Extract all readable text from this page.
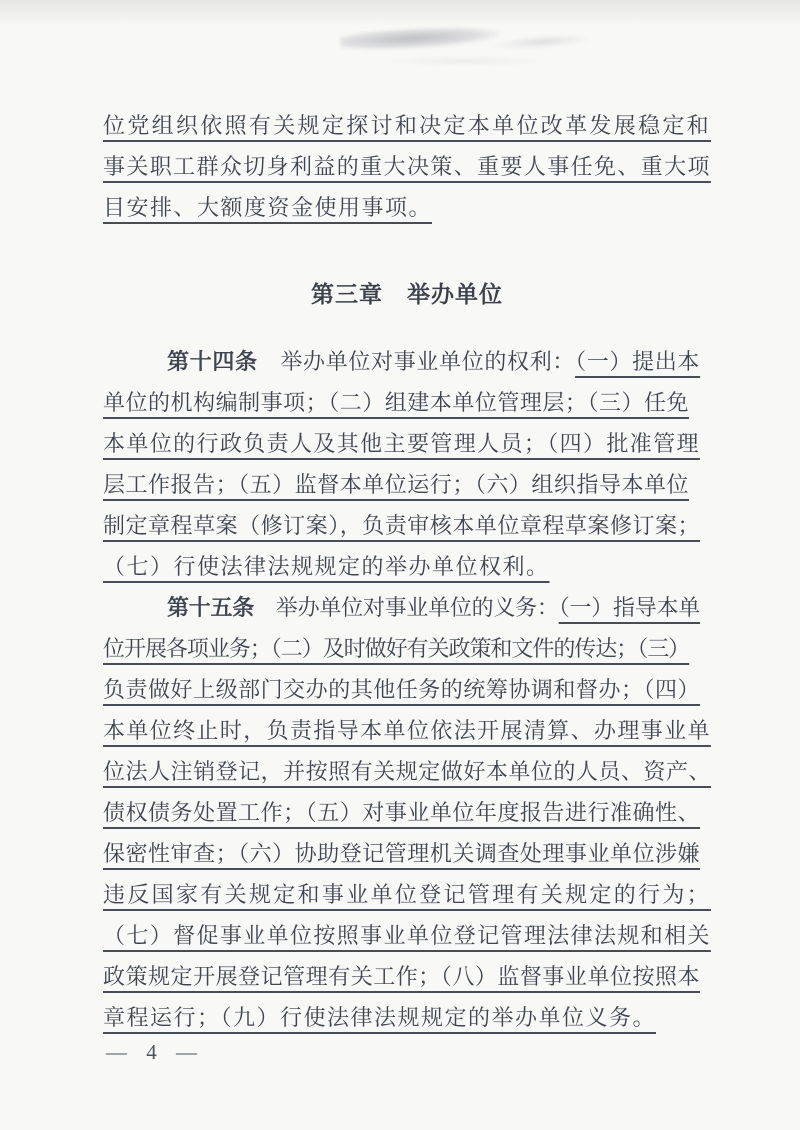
位党组织依照有关规定探讨和决定本单位改革发展稳定和
事关职工群众切身利益的重大决策、重要人事任免、重大项
目安排、大额度资金使用事项。
第三章　举办单位
第十四条　举办单位对事业单位的权利：（一）提出本
单位的机构编制事项；（二）组建本单位管理层；（三）任免
本单位的行政负责人及其他主要管理人员；（四）批准管理
层工作报告；（五）监督本单位运行；（六）组织指导本单位
制定章程草案（修订案），负责审核本单位章程草案修订案；
（七）行使法律法规规定的举办单位权利。
第十五条　举办单位对事业单位的义务：（一）指导本单
位开展各项业务；（二）及时做好有关政策和文件的传达；（三）
负责做好上级部门交办的其他任务的统筹协调和督办；（四）
本单位终止时，负责指导本单位依法开展清算、办理事业单
位法人注销登记，并按照有关规定做好本单位的人员、资产、
债权债务处置工作；（五）对事业单位年度报告进行准确性、
保密性审查；（六）协助登记管理机关调查处理事业单位涉嫌
违反国家有关规定和事业单位登记管理有关规定的行为；
（七）督促事业单位按照事业单位登记管理法律法规和相关
政策规定开展登记管理有关工作；（八）监督事业单位按照本
章程运行；（九）行使法律法规规定的举办单位义务。
— 4 —
